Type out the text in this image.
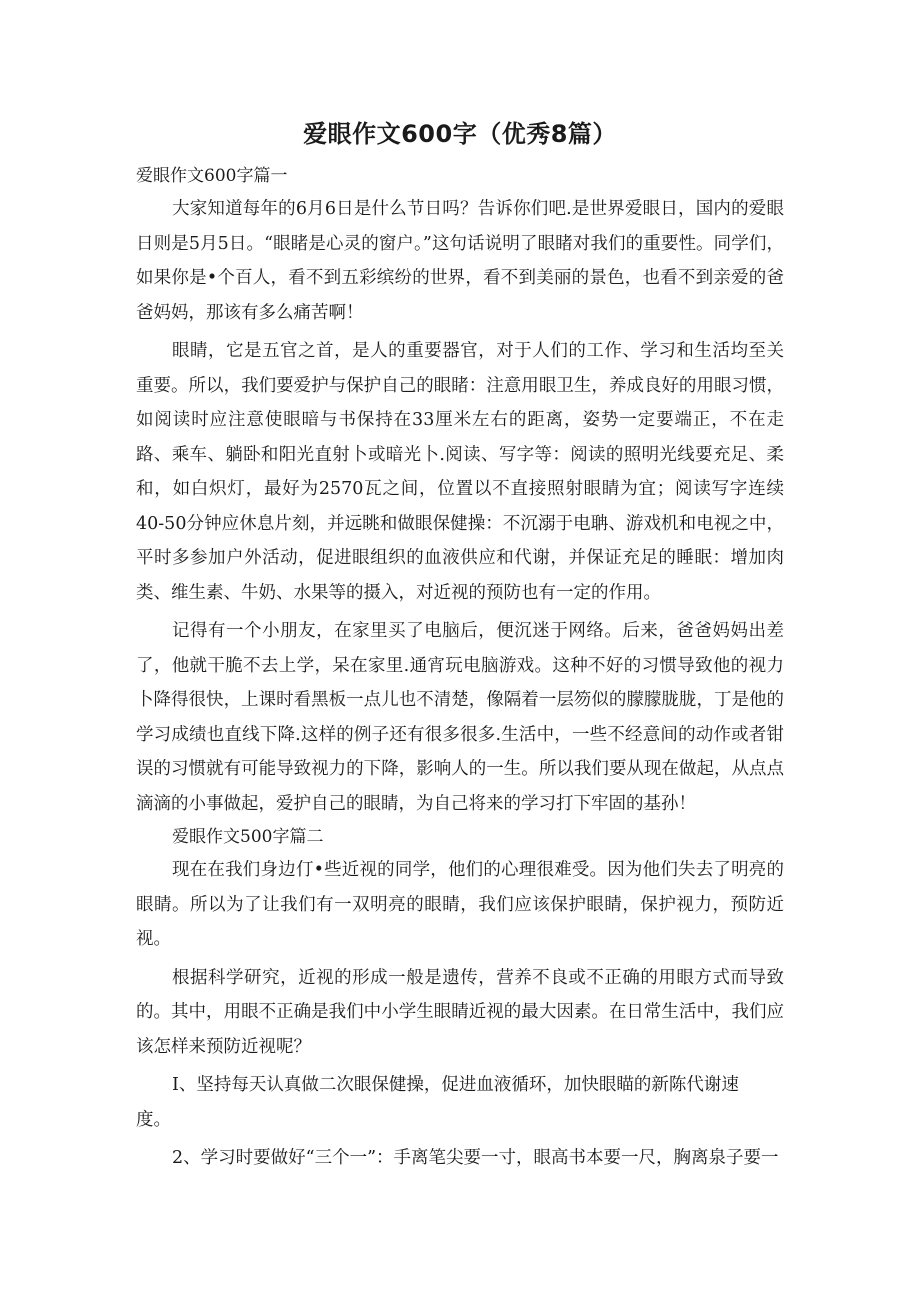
爱眼作文600字（优秀8篇）

爱眼作文600字篇一

大家知道每年的6月6日是什么节日吗？告诉你们吧.是世界爱眼日，国内的爱眼日则是5月5日。“眼睹是心灵的窗户。”这句话说明了眼睹对我们的重要性。同学们，如果你是•个百人，看不到五彩缤纷的世界，看不到美丽的景色，也看不到亲爱的爸爸妈妈，那该有多么痛苦啊！

眼睛，它是五官之首，是人的重要器官，对于人们的工作、学习和生活均至关重要。所以，我们要爱护与保护自己的眼睹：注意用眼卫生，养成良好的用眼习惯，如阅读时应注意使眼暗与书保持在33厘米左右的距离，姿势一定要端正，不在走路、乘车、躺卧和阳光直射卜或暗光卜.阅读、写字等：阅读的照明光线要充足、柔和，如白炽灯，最好为2570瓦之间，位置以不直接照射眼睛为宜；阅读写字连续40-50分钟应休息片刻，并远眺和做眼保健操：不沉溺于电聃、游戏机和电视之中，平时多参加户外活动，促进眼组织的血液供应和代谢，并保证充足的睡眠：增加肉类、维生素、牛奶、水果等的摄入，对近视的预防也有一定的作用。

记得有一个小朋友，在家里买了电脑后，便沉迷于网络。后来，爸爸妈妈出差了，他就干脆不去上学，呆在家里.通宵玩电脑游戏。这种不好的习惯导致他的视力卜降得很快，上课时看黑板一点儿也不清楚，像隔着一层笏似的朦朦胧胧，丁是他的学习成绩也直线下降.这样的例子还有很多很多.生活中，一些不经意间的动作或者钳误的习惯就有可能导致视力的下降，影响人的一生。所以我们要从现在做起，从点点滴滴的小事做起，爱护自己的眼睛，为自己将来的学习打下牢固的基孙！

爱眼作文500字篇二

现在在我们身边仃•些近视的同学，他们的心理很难受。因为他们失去了明亮的眼睛。所以为了让我们有一双明亮的眼睛，我们应该保护眼睛，保护视力，预防近视。

根据科学研究，近视的形成一般是遗传，营养不良或不正确的用眼方式而导致的。其中，用眼不正确是我们中小学生眼睛近视的最大因素。在日常生活中，我们应该怎样来预防近视呢？

I、坚持每天认真做二次眼保健操，促进血液循环，加快眼瞄的新陈代谢速

度。

2、学习时要做好“三个一”：手离笔尖要一寸，眼高书本要一尺，胸离泉子要一
